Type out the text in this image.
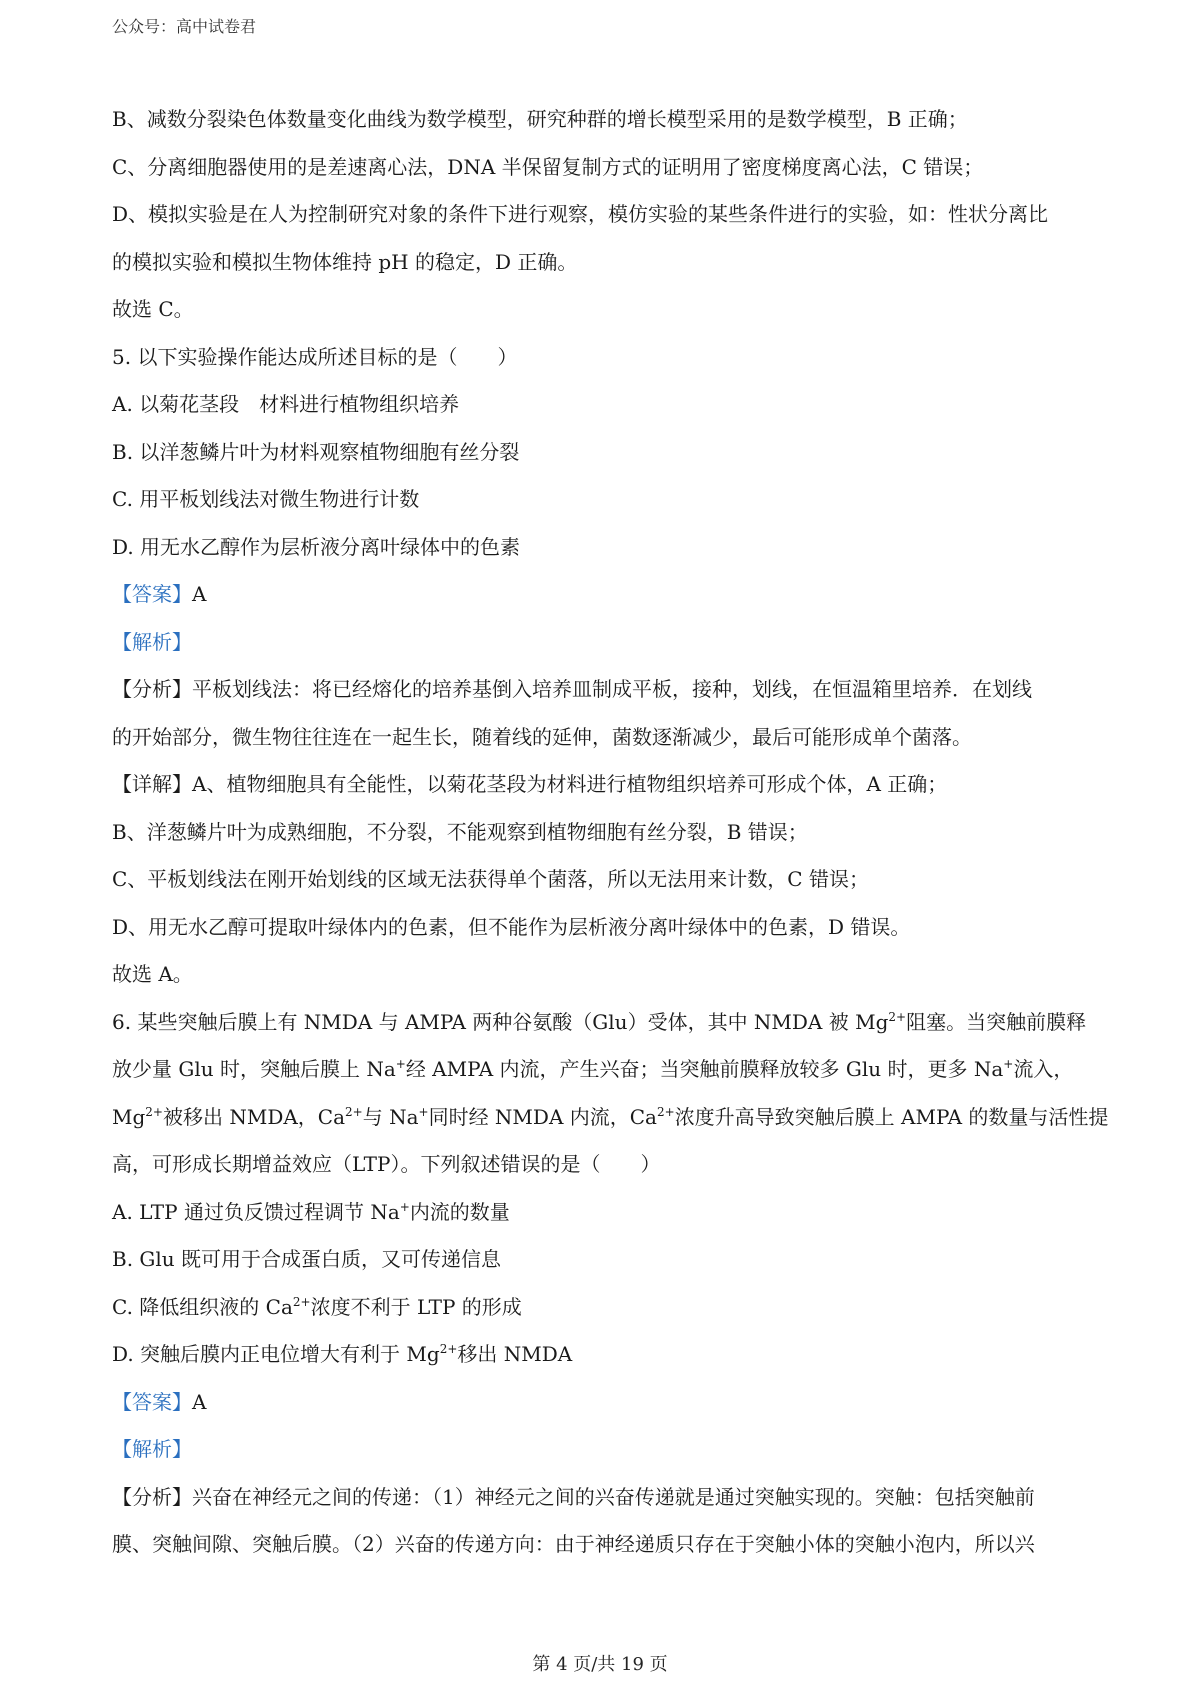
公众号：高中试卷君
B、减数分裂染色体数量变化曲线为数学模型，研究种群的增长模型采用的是数学模型，B 正确；
C、分离细胞器使用的是差速离心法，DNA 半保留复制方式的证明用了密度梯度离心法，C 错误；
D、模拟实验是在人为控制研究对象的条件下进行观察，模仿实验的某些条件进行的实验，如：性状分离比
的模拟实验和模拟生物体维持 pH 的稳定，D 正确。
故选 C。
5. 以下实验操作能达成所述目标的是（　　）
A. 以菊花茎段　材料进行植物组织培养
B. 以洋葱鳞片叶为材料观察植物细胞有丝分裂
C. 用平板划线法对微生物进行计数
D. 用无水乙醇作为层析液分离叶绿体中的色素
【答案】A
【解析】
【分析】平板划线法：将已经熔化的培养基倒入培养皿制成平板，接种，划线，在恒温箱里培养．在划线
的开始部分，微生物往往连在一起生长，随着线的延伸，菌数逐渐减少，最后可能形成单个菌落。
【详解】A、植物细胞具有全能性，以菊花茎段为材料进行植物组织培养可形成个体，A 正确；
B、洋葱鳞片叶为成熟细胞，不分裂，不能观察到植物细胞有丝分裂，B 错误；
C、平板划线法在刚开始划线的区域无法获得单个菌落，所以无法用来计数，C 错误；
D、用无水乙醇可提取叶绿体内的色素，但不能作为层析液分离叶绿体中的色素，D 错误。
故选 A。
6. 某些突触后膜上有 NMDA 与 AMPA 两种谷氨酸（Glu）受体，其中 NMDA 被 $Mg^{2+}$阻塞。当突触前膜释
放少量 Glu 时，突触后膜上 Na+经 AMPA 内流，产生兴奋；当突触前膜释放较多 Glu 时，更多 Na+流入，
$Mg^{2+}$被移出 NMDA，$Ca^{2+}$与 Na+同时经 NMDA 内流，$Ca^{2+}$浓度升高导致突触后膜上 AMPA 的数量与活性提
高，可形成长期增益效应（LTP）。下列叙述错误的是（　　）
A. LTP 通过负反馈过程调节 Na+内流的数量
B. Glu 既可用于合成蛋白质，又可传递信息
C. 降低组织液的 $Ca^{2+}$浓度不利于 LTP 的形成
D. 突触后膜内正电位增大有利于 $Mg^{2+}$移出 NMDA
【答案】A
【解析】
【分析】兴奋在神经元之间的传递：（1）神经元之间的兴奋传递就是通过突触实现的。突触：包括突触前
膜、突触间隙、突触后膜。（2）兴奋的传递方向：由于神经递质只存在于突触小体的突触小泡内，所以兴
第 4 页/共 19 页
